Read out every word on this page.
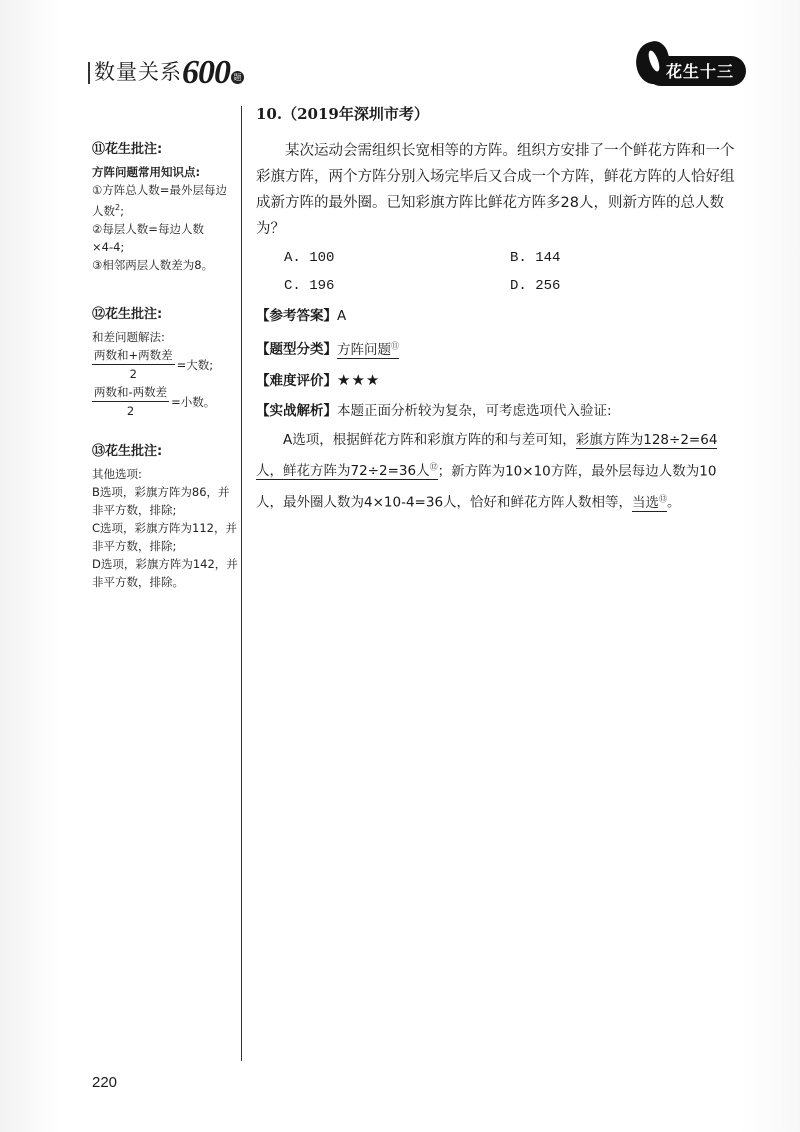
数量关系 600 题	花生十三
⑪花生批注:
方阵问题常用知识点:
①方阵总人数=最外层每边
人数$^2$;
②每层人数=每边人数
×4-4;
③相邻两层人数差为8。
⑫花生批注:
和差问题解法:
两数和+两数差
2
=大数;
两数和-两数差
2
=小数。
⑬花生批注:
其他选项:
B选项，彩旗方阵为86，并
非平方数，排除;
C选项，彩旗方阵为112，并
非平方数，排除;
D选项，彩旗方阵为142，并
非平方数，排除。
10.（2019年深圳市考）

某次运动会需组织长宽相等的方阵。组织方安排了一个鲜花方阵和一个彩旗方阵，两个方阵分别入场完毕后又合成一个方阵，鲜花方阵的人恰好组成新方阵的最外圈。已知彩旗方阵比鲜花方阵多28人，则新方阵的总人数为？

A. 100	B. 144
C. 196	D. 256
【参考答案】A
【题型分类】方阵问题⑪
【难度评价】★★★
【实战解析】本题正面分析较为复杂，可考虑选项代入验证:

A选项，根据鲜花方阵和彩旗方阵的和与差可知，彩旗方阵为128÷2=64人，鲜花方阵为72÷2=36人⑫；新方阵为10×10方阵，最外层每边人数为10人，最外圈人数为4×10-4=36人，恰好和鲜花方阵人数相等，当选⑬。

220
